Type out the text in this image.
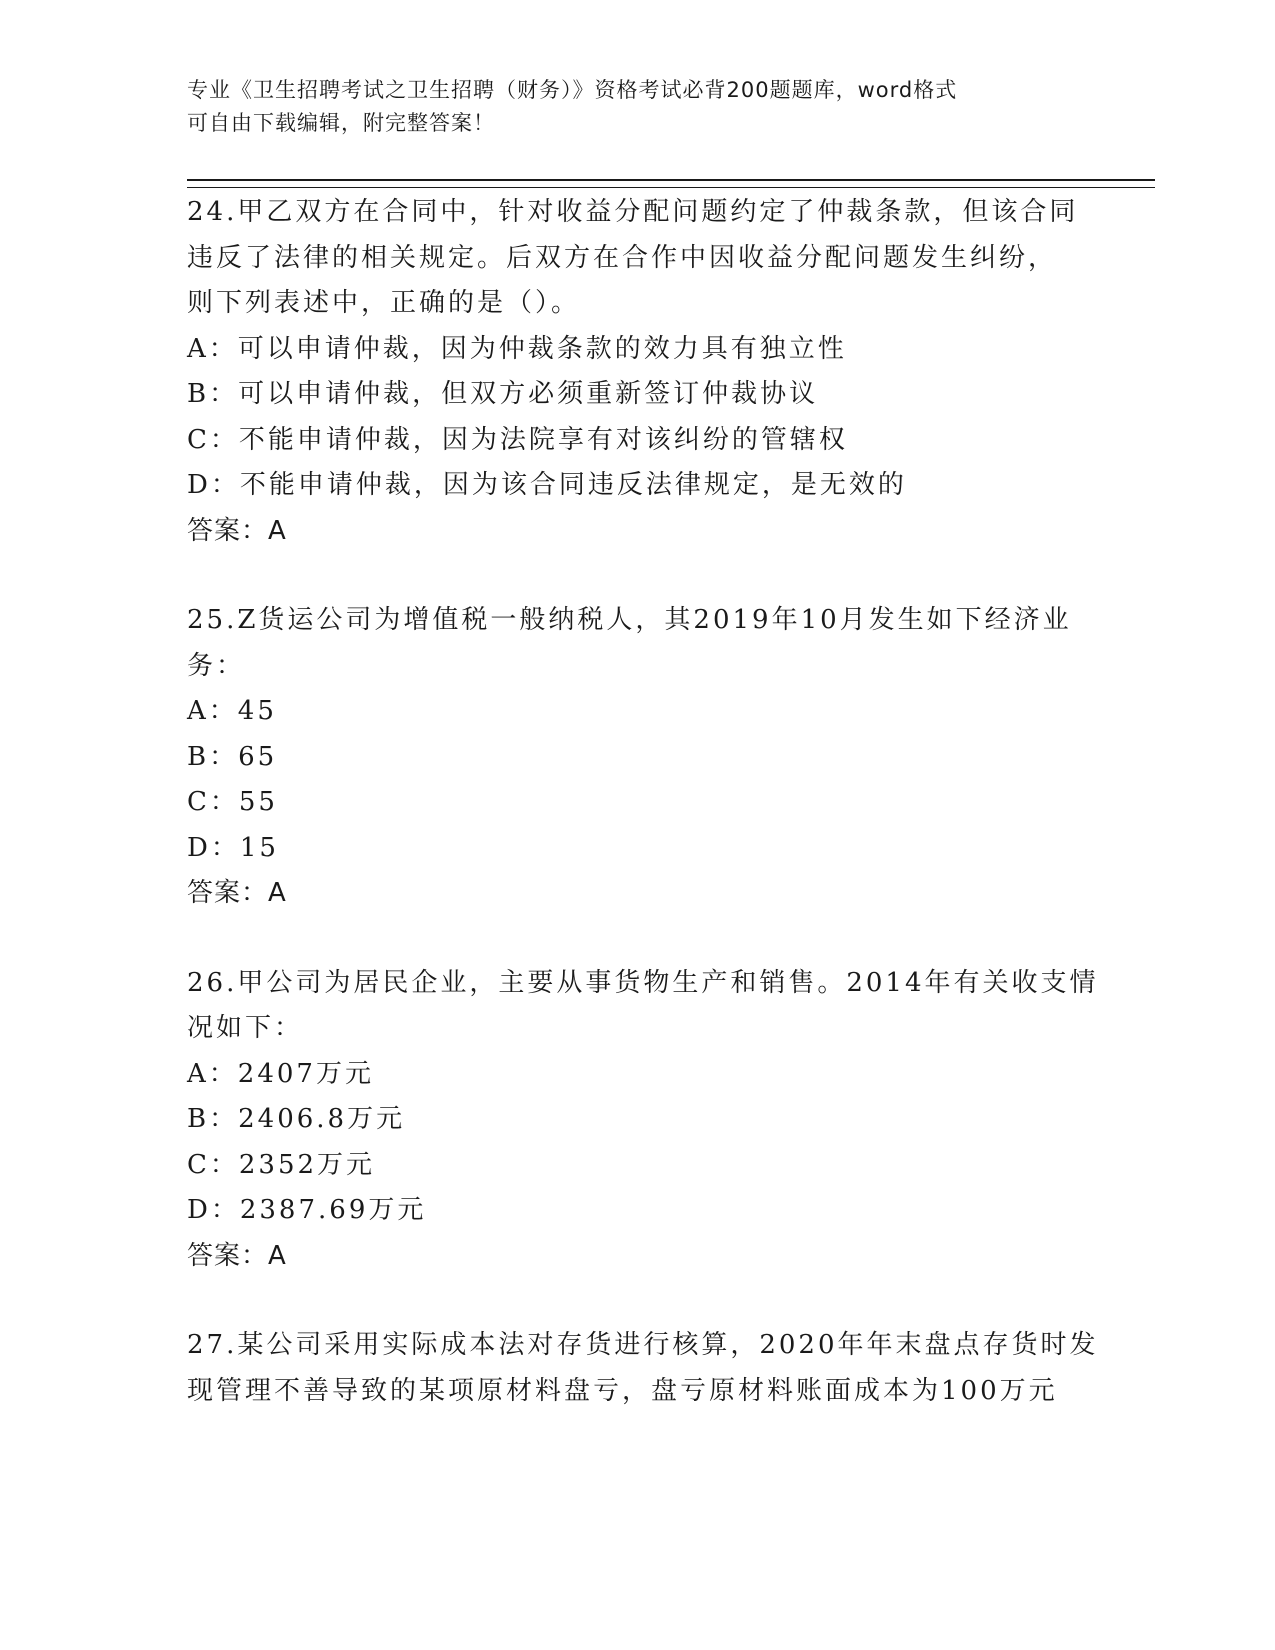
专业《卫生招聘考试之卫生招聘（财务）》资格考试必背200题题库，word格式
可自由下载编辑，附完整答案！
24.甲乙双方在合同中，针对收益分配问题约定了仲裁条款，但该合同
违反了法律的相关规定。后双方在合作中因收益分配问题发生纠纷，
则下列表述中，正确的是（）。
A：可以申请仲裁，因为仲裁条款的效力具有独立性
B：可以申请仲裁，但双方必须重新签订仲裁协议
C：不能申请仲裁，因为法院享有对该纠纷的管辖权
D：不能申请仲裁，因为该合同违反法律规定，是无效的
答案：A
25.Z货运公司为增值税一般纳税人，其2019年10月发生如下经济业
务：
A：45
B：65
C：55
D：15
答案：A
26.甲公司为居民企业，主要从事货物生产和销售。2014年有关收支情
况如下：
A：2407万元
B：2406.8万元
C：2352万元
D：2387.69万元
答案：A
27.某公司采用实际成本法对存货进行核算，2020年年末盘点存货时发
现管理不善导致的某项原材料盘亏，盘亏原材料账面成本为100万元
